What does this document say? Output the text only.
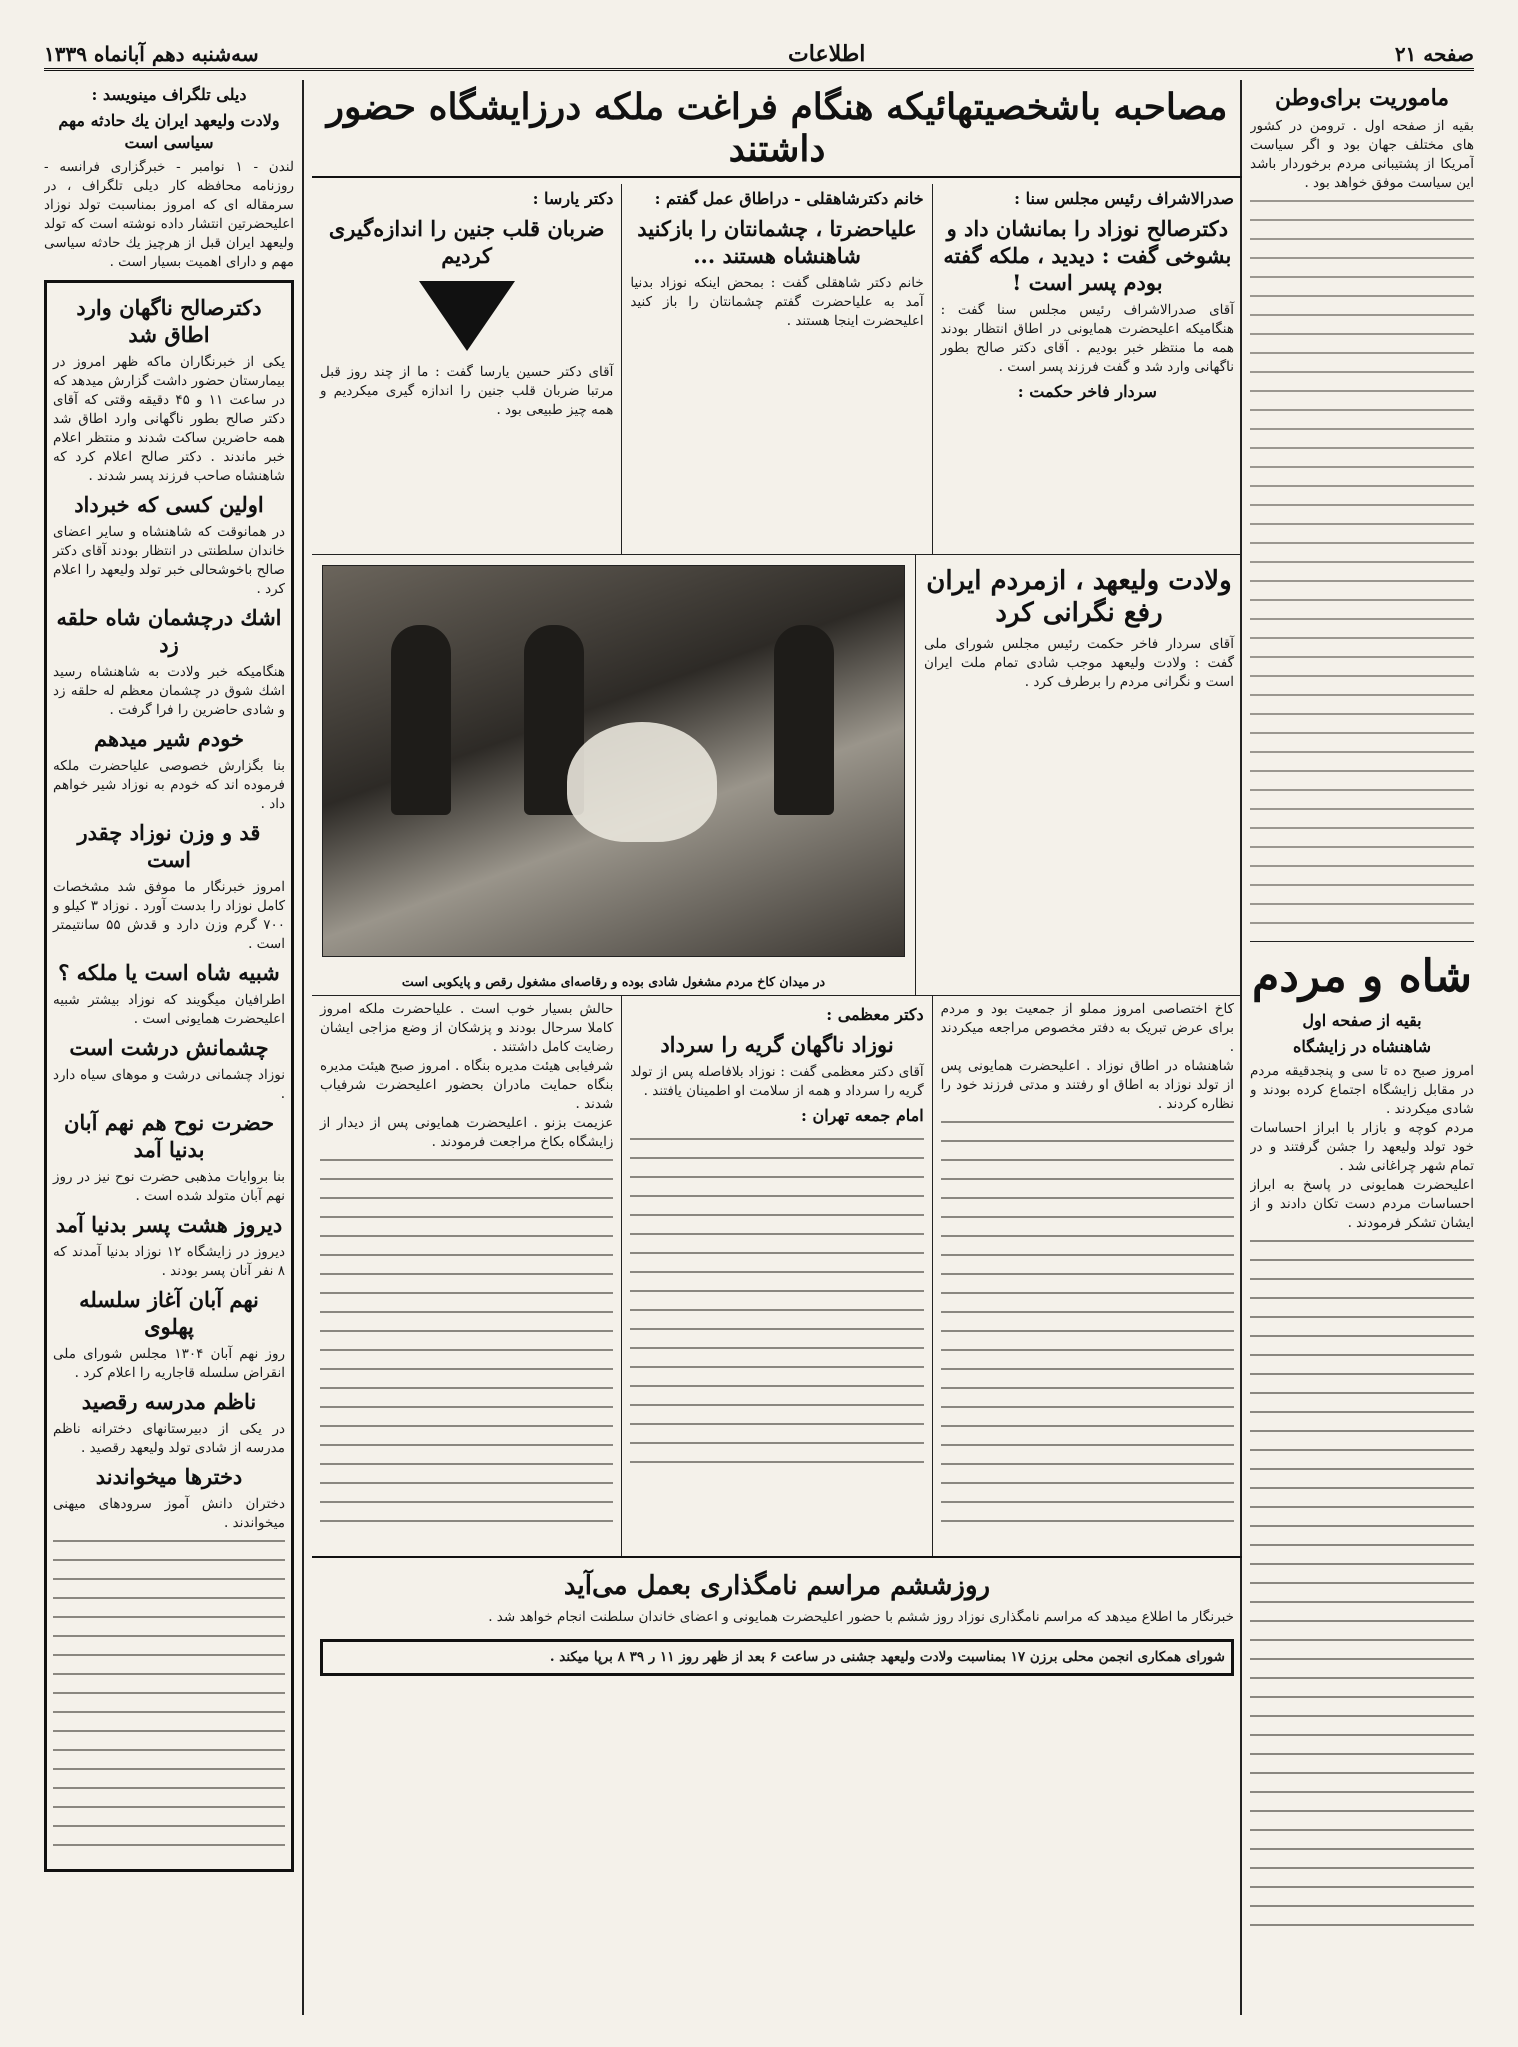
صفحه ۲۱
اطلاعات
سه‌شنبه دهم آبانماه ۱۳۳۹
ماموریت برای‌وطن
بقیه از صفحه اول . ترومن در کشور های مختلف جهان بود و اگر سیاست آمریکا از پشتیبانی مردم برخوردار باشد این سیاست موفق خواهد بود .
شاه و مردم
بقیه از صفحه اول
شاهنشاه در زایشگاه
امروز صبح ده تا سی و پنجدقیقه مردم در مقابل زایشگاه اجتماع کرده بودند و شادی میکردند .
مردم کوچه و بازار با ابراز احساسات خود تولد ولیعهد را جشن گرفتند و در تمام شهر چراغانی شد .
اعلیحضرت همایونی در پاسخ به ابراز احساسات مردم دست تکان دادند و از ایشان تشکر فرمودند .
دیلی تلگراف مینویسد :
ولادت ولیعهد ایران یك حادثه مهم سیاسی است
لندن - ۱ نوامبر - خبرگزاری فرانسه - روزنامه محافظه کار دیلی تلگراف ، در سرمقاله ای که امروز بمناسبت تولد نوزاد اعلیحضرتین انتشار داده نوشته است که تولد ولیعهد ایران قبل از هرچیز یك حادثه سیاسی مهم و دارای اهمیت بسیار است .
دکترصالح ناگهان وارد اطاق شد
یکی از خبرنگاران ماکه ظهر امروز در بیمارستان حضور داشت گزارش میدهد که در ساعت ۱۱ و ۴۵ دقیقه وقتی که آقای دکتر صالح بطور ناگهانی وارد اطاق شد همه حاضرین ساکت شدند و منتظر اعلام خبر ماندند . دکتر صالح اعلام کرد که شاهنشاه صاحب فرزند پسر شدند .
اولین کسی که خبرداد
در همانوقت که شاهنشاه و سایر اعضای خاندان سلطنتی در انتظار بودند آقای دکتر صالح باخوشحالی خبر تولد ولیعهد را اعلام کرد .
اشك درچشمان شاه حلقه زد
هنگامیکه خبر ولادت به شاهنشاه رسید اشك شوق در چشمان معظم له حلقه زد و شادی حاضرین را فرا گرفت .
خودم شیر میدهم
بنا بگزارش خصوصی علیاحضرت ملکه فرموده اند که خودم به نوزاد شیر خواهم داد .
قد و وزن نوزاد چقدر است
امروز خبرنگار ما موفق شد مشخصات کامل نوزاد را بدست آورد . نوزاد ۳ کیلو و ۷۰۰ گرم وزن دارد و قدش ۵۵ سانتیمتر است .
شبیه شاه است یا ملکه ؟
اطرافیان میگویند که نوزاد بیشتر شبیه اعلیحضرت همایونی است .
چشمانش درشت است
نوزاد چشمانی درشت و موهای سیاه دارد .
حضرت نوح هم نهم آبان بدنیا آمد
بنا بروایات مذهبی حضرت نوح نیز در روز نهم آبان متولد شده است .
دیروز هشت پسر بدنیا آمد
دیروز در زایشگاه ۱۲ نوزاد بدنیا آمدند که ۸ نفر آنان پسر بودند .
نهم آبان آغاز سلسله پهلوی
روز نهم آبان ۱۳۰۴ مجلس شورای ملی انقراض سلسله قاجاریه را اعلام کرد .
ناظم مدرسه رقصید
در یکی از دبیرستانهای دخترانه ناظم مدرسه از شادی تولد ولیعهد رقصید .
دخترها میخواندند
دختران دانش آموز سرودهای میهنی میخواندند .
مصاحبه باشخصیتهائیکه هنگام فراغت ملکه درزایشگاه حضور داشتند
صدرالاشراف رئیس مجلس سنا :
دکترصالح نوزاد را بمانشان داد و بشوخی گفت : دیدید ، ملکه گفته بودم پسر است !
آقای صدرالاشراف رئیس مجلس سنا گفت : هنگامیکه اعلیحضرت همایونی در اطاق انتظار بودند همه ما منتظر خبر بودیم . آقای دکتر صالح بطور ناگهانی وارد شد و گفت فرزند پسر است .
سردار فاخر حکمت :
خانم دکترشاهقلی - دراطاق عمل گفتم :
علیاحضرتا ، چشمانتان را بازکنید شاهنشاه هستند ...
خانم دکتر شاهقلی گفت : بمحض اینکه نوزاد بدنیا آمد به علیاحضرت گفتم چشمانتان را باز کنید اعلیحضرت اینجا هستند .
دکتر یارسا :
ضربان قلب جنین را اندازه‌گیری کردیم
آقای دکتر حسین یارسا گفت : ما از چند روز قبل مرتبا ضربان قلب جنین را اندازه گیری میکردیم و همه چیز طبیعی بود .
ولادت ولیعهد ، ازمردم ایران رفع نگرانی کرد
آقای سردار فاخر حکمت رئیس مجلس شورای ملی گفت : ولادت ولیعهد موجب شادی تمام ملت ایران است و نگرانی مردم را برطرف کرد .
در میدان کاخ مردم مشغول شادی بوده و رقاصه‌ای مشغول رقص و پایکوبی است
کاخ اختصاصی امروز مملو از جمعیت بود و مردم برای عرض تبریک به دفتر مخصوص مراجعه میکردند .
شاهنشاه در اطاق نوزاد . اعلیحضرت همایونی پس از تولد نوزاد به اطاق او رفتند و مدتی فرزند خود را نظاره کردند .
دکتر معظمی :
نوزاد ناگهان گریه را سرداد
آقای دکتر معظمی گفت : نوزاد بلافاصله پس از تولد گریه را سرداد و همه از سلامت او اطمینان یافتند .
امام جمعه تهران :
حالش بسیار خوب است . علیاحضرت ملکه امروز کاملا سرحال بودند و پزشکان از وضع مزاجی ایشان رضایت کامل داشتند .
شرفیابی هیئت مدیره بنگاه . امروز صبح هیئت مدیره بنگاه حمایت مادران بحضور اعلیحضرت شرفیاب شدند .
عزیمت بزنو . اعلیحضرت همایونی پس از دیدار از زایشگاه بکاخ مراجعت فرمودند .
روزششم مراسم نامگذاری بعمل می‌آید
خبرنگار ما اطلاع میدهد که مراسم نامگذاری نوزاد روز ششم با حضور اعلیحضرت همایونی و اعضای خاندان سلطنت انجام خواهد شد .
شورای همکاری انجمن محلی برزن ۱۷ بمناسبت ولادت ولیعهد جشنی در ساعت ۶ بعد از ظهر روز ۱۱ ر ۳۹ ۸ برپا میکند .
